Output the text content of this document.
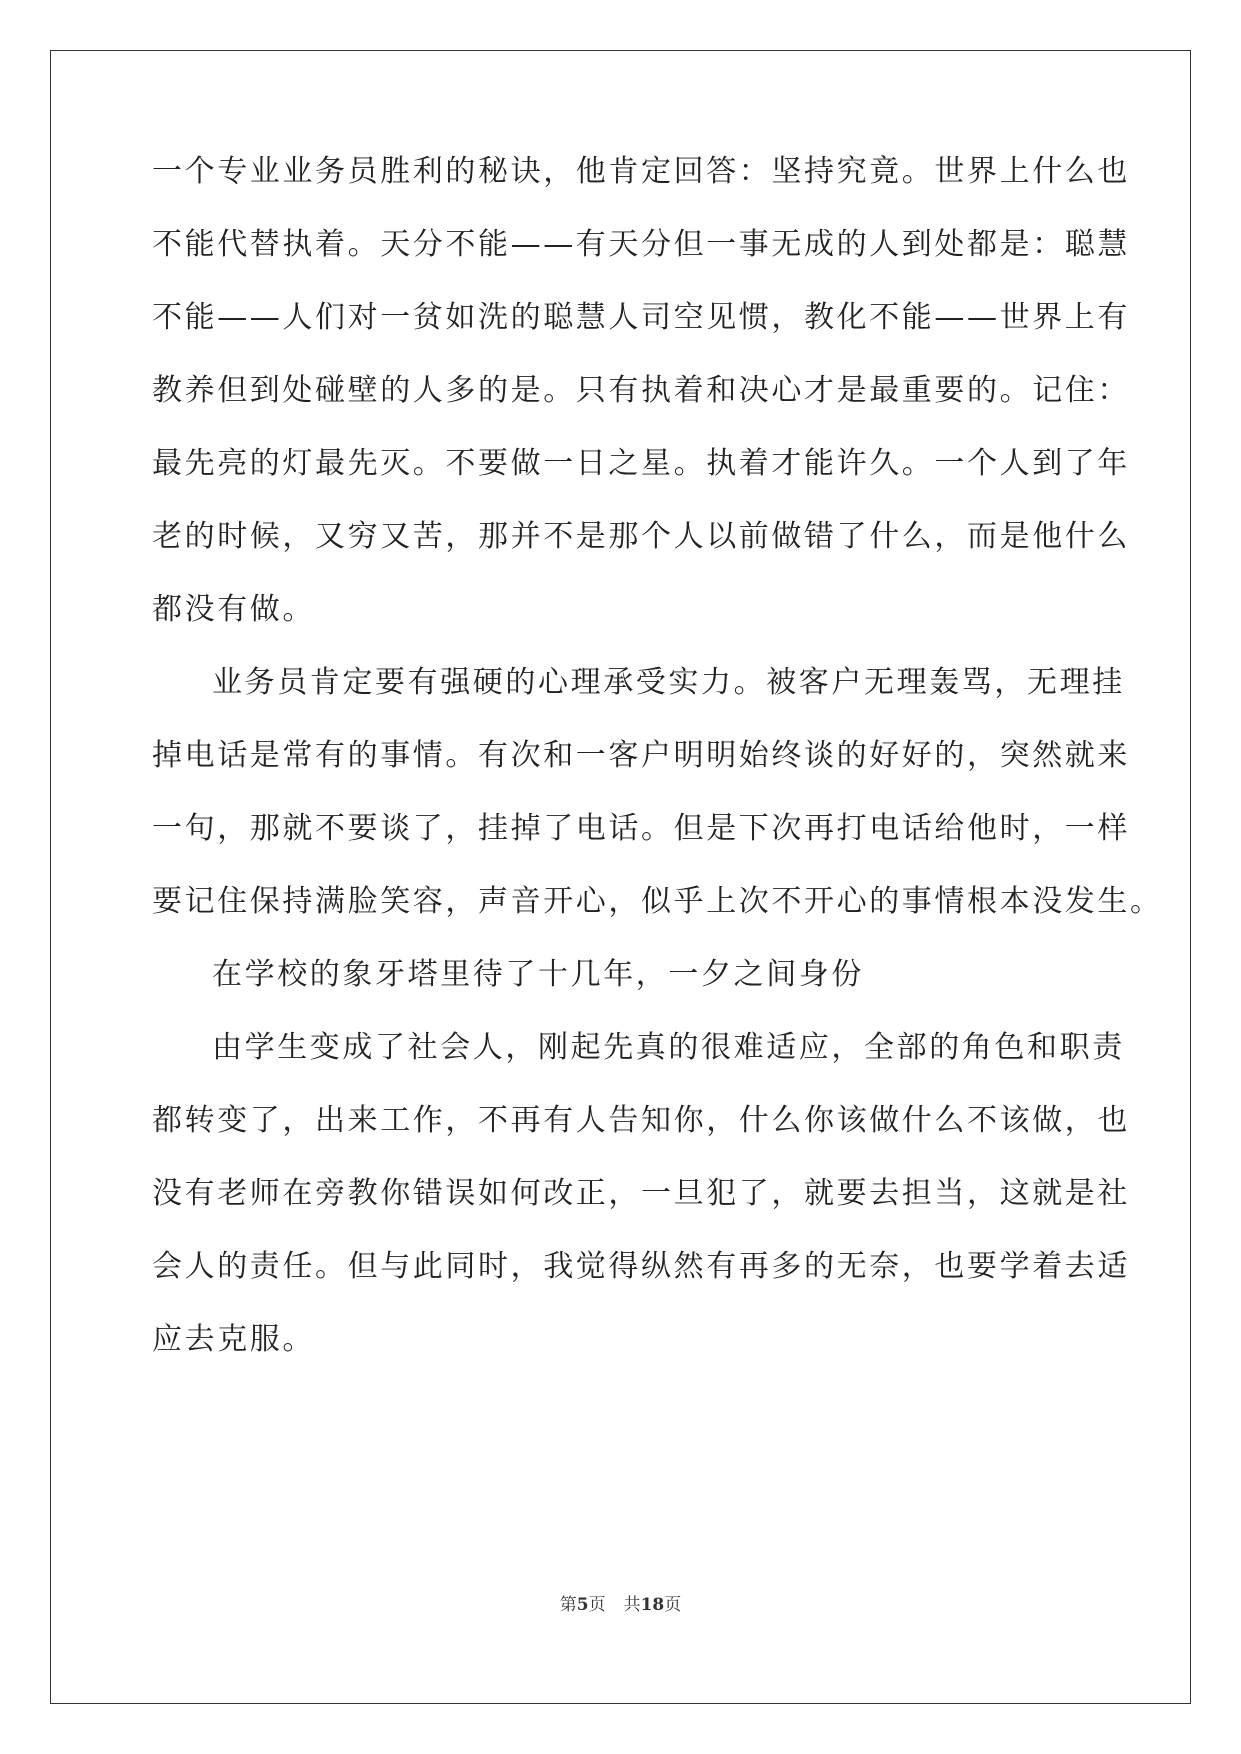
一个专业业务员胜利的秘诀，他肯定回答：坚持究竟。世界上什么也
不能代替执着。天分不能——有天分但一事无成的人到处都是：聪慧
不能——人们对一贫如洗的聪慧人司空见惯，教化不能——世界上有
教养但到处碰壁的人多的是。只有执着和决心才是最重要的。记住：
最先亮的灯最先灭。不要做一日之星。执着才能许久。一个人到了年
老的时候，又穷又苦，那并不是那个人以前做错了什么，而是他什么
都没有做。
业务员肯定要有强硬的心理承受实力。被客户无理轰骂，无理挂
掉电话是常有的事情。有次和一客户明明始终谈的好好的，突然就来
一句，那就不要谈了，挂掉了电话。但是下次再打电话给他时，一样
要记住保持满脸笑容，声音开心，似乎上次不开心的事情根本没发生。
在学校的象牙塔里待了十几年，一夕之间身份
由学生变成了社会人，刚起先真的很难适应，全部的角色和职责
都转变了，出来工作，不再有人告知你，什么你该做什么不该做，也
没有老师在旁教你错误如何改正，一旦犯了，就要去担当，这就是社
会人的责任。但与此同时，我觉得纵然有再多的无奈，也要学着去适
应去克服。
第5页 共18页
